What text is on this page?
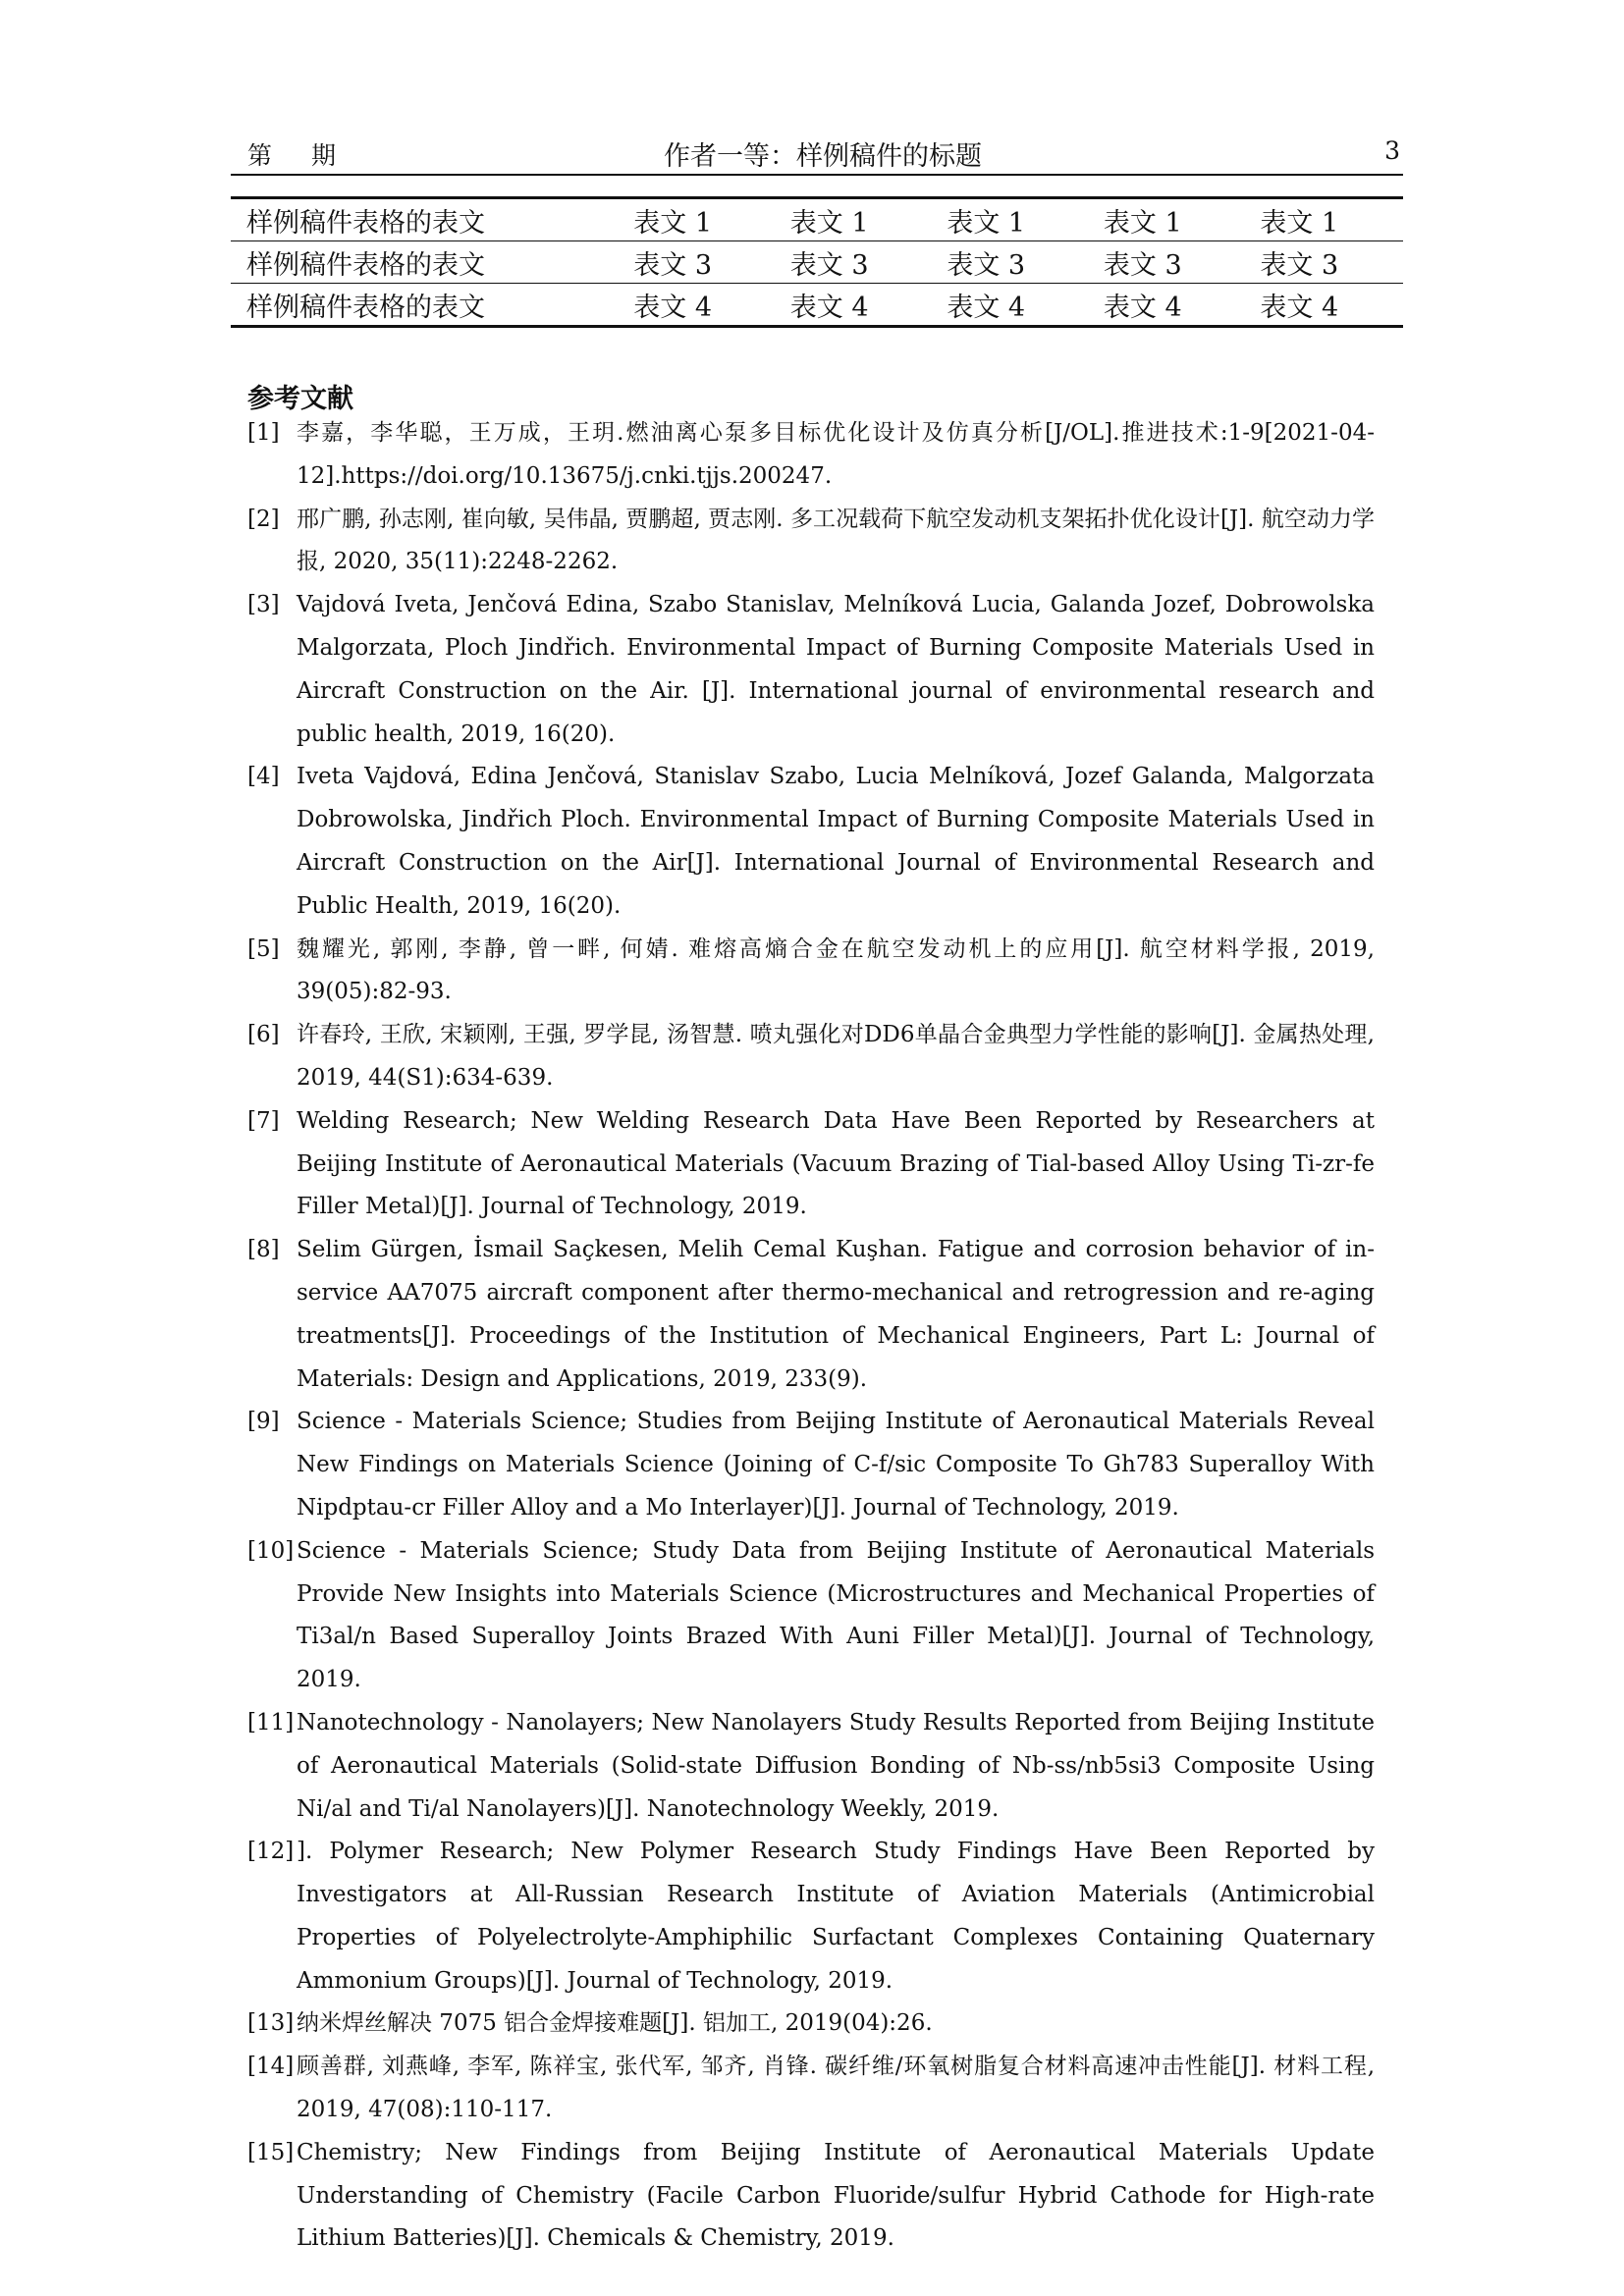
第 期	作者一等：样例稿件的标题	3
样例稿件表格的表文	表文 1	表文 1	表文 1	表文 1	表文 1
样例稿件表格的表文	表文 3	表文 3	表文 3	表文 3	表文 3
样例稿件表格的表文	表文 4	表文 4	表文 4	表文 4	表文 4
参考文献
[1] 李嘉，李华聪，王万成，王玥.燃油离心泵多目标优化设计及仿真分析[J/OL].推进技术:1-9[2021-04-12].https://doi.org/10.13675/j.cnki.tjjs.200247.
[2] 邢广鹏, 孙志刚, 崔向敏, 吴伟晶, 贾鹏超, 贾志刚. 多工况载荷下航空发动机支架拓扑优化设计[J]. 航空动力学报, 2020, 35(11):2248-2262.
[3] Vajdová Iveta, Jenčová Edina, Szabo Stanislav, Melníková Lucia, Galanda Jozef, Dobrowolska Malgorzata, Ploch Jindřich. Environmental Impact of Burning Composite Materials Used in Aircraft Construction on the Air. [J]. International journal of environmental research and public health, 2019, 16(20).
[4] Iveta Vajdová, Edina Jenčová, Stanislav Szabo, Lucia Melníková, Jozef Galanda, Malgorzata Dobrowolska, Jindřich Ploch. Environmental Impact of Burning Composite Materials Used in Aircraft Construction on the Air[J]. International Journal of Environmental Research and Public Health, 2019, 16(20).
[5] 魏耀光, 郭刚, 李静, 曾一畔, 何婧. 难熔高熵合金在航空发动机上的应用[J]. 航空材料学报, 2019, 39(05):82-93.
[6] 许春玲, 王欣, 宋颖刚, 王强, 罗学昆, 汤智慧. 喷丸强化对DD6单晶合金典型力学性能的影响[J]. 金属热处理, 2019, 44(S1):634-639.
[7] Welding Research; New Welding Research Data Have Been Reported by Researchers at Beijing Institute of Aeronautical Materials (Vacuum Brazing of Tial-based Alloy Using Ti-zr-fe Filler Metal)[J]. Journal of Technology, 2019.
[8] Selim Gürgen, İsmail Saçkesen, Melih Cemal Kuşhan. Fatigue and corrosion behavior of in-service AA7075 aircraft component after thermo-mechanical and retrogression and re-aging treatments[J]. Proceedings of the Institution of Mechanical Engineers, Part L: Journal of Materials: Design and Applications, 2019, 233(9).
[9] Science - Materials Science; Studies from Beijing Institute of Aeronautical Materials Reveal New Findings on Materials Science (Joining of C-f/sic Composite To Gh783 Superalloy With Nipdptau-cr Filler Alloy and a Mo Interlayer)[J]. Journal of Technology, 2019.
[10] Science - Materials Science; Study Data from Beijing Institute of Aeronautical Materials Provide New Insights into Materials Science (Microstructures and Mechanical Properties of Ti3al/n Based Superalloy Joints Brazed With Auni Filler Metal)[J]. Journal of Technology, 2019.
[11] Nanotechnology - Nanolayers; New Nanolayers Study Results Reported from Beijing Institute of Aeronautical Materials (Solid-state Diffusion Bonding of Nb-ss/nb5si3 Composite Using Ni/al and Ti/al Nanolayers)[J]. Nanotechnology Weekly, 2019.
[12] ]. Polymer Research; New Polymer Research Study Findings Have Been Reported by Investigators at All-Russian Research Institute of Aviation Materials (Antimicrobial Properties of Polyelectrolyte-Amphiphilic Surfactant Complexes Containing Quaternary Ammonium Groups)[J]. Journal of Technology, 2019.
[13] 纳米焊丝解决 7075 铝合金焊接难题[J]. 铝加工, 2019(04):26.
[14] 顾善群, 刘燕峰, 李军, 陈祥宝, 张代军, 邹齐, 肖锋. 碳纤维/环氧树脂复合材料高速冲击性能[J]. 材料工程, 2019, 47(08):110-117.
[15] Chemistry; New Findings from Beijing Institute of Aeronautical Materials Update Understanding of Chemistry (Facile Carbon Fluoride/sulfur Hybrid Cathode for High-rate Lithium Batteries)[J]. Chemicals & Chemistry, 2019.
